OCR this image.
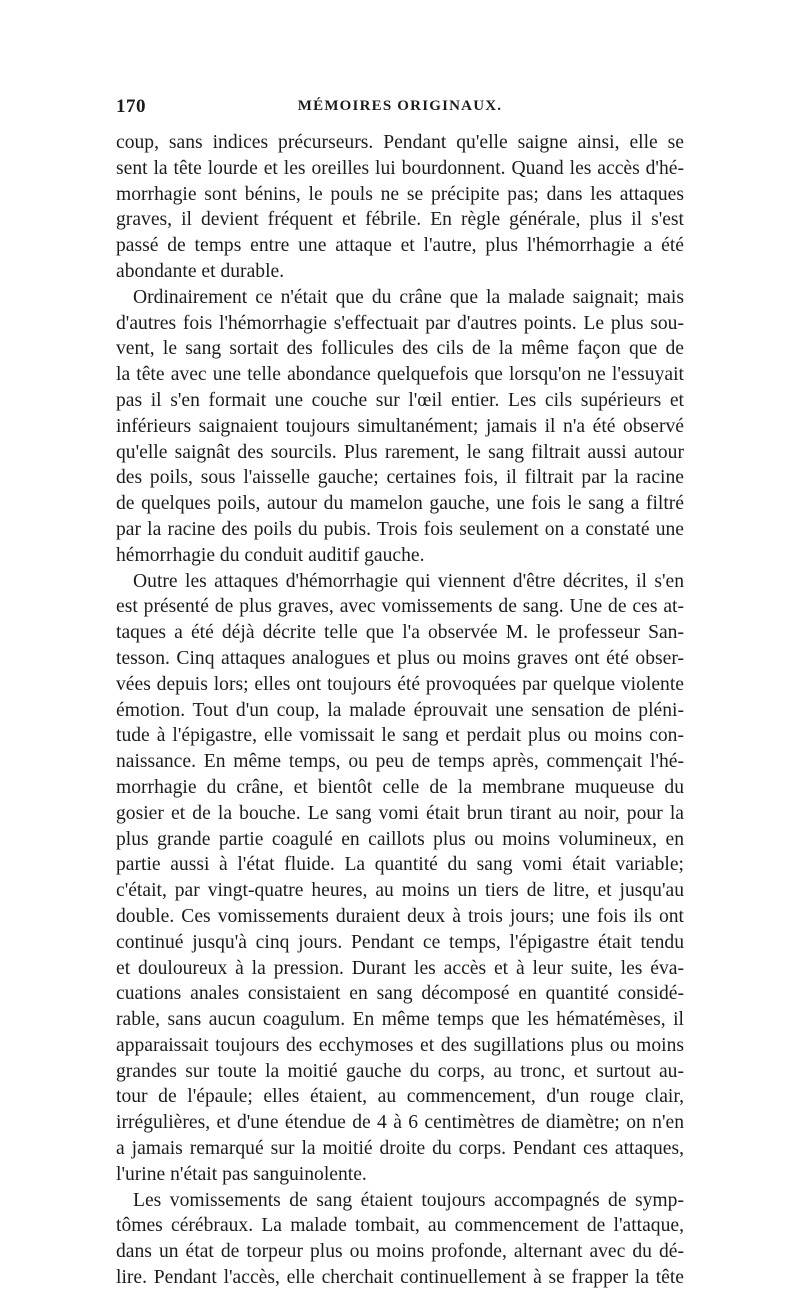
170	MÉMOIRES ORIGINAUX.
coup, sans indices précurseurs. Pendant qu'elle saigne ainsi, elle se
sent la tête lourde et les oreilles lui bourdonnent. Quand les accès d'hé-
morrhagie sont bénins, le pouls ne se précipite pas; dans les attaques
graves, il devient fréquent et fébrile. En règle générale, plus il s'est
passé de temps entre une attaque et l'autre, plus l'hémorrhagie a été
abondante et durable.
Ordinairement ce n'était que du crâne que la malade saignait; mais
d'autres fois l'hémorrhagie s'effectuait par d'autres points. Le plus sou-
vent, le sang sortait des follicules des cils de la même façon que de
la tête avec une telle abondance quelquefois que lorsqu'on ne l'essuyait
pas il s'en formait une couche sur l'œil entier. Les cils supérieurs et
inférieurs saignaient toujours simultanément; jamais il n'a été observé
qu'elle saignât des sourcils. Plus rarement, le sang filtrait aussi autour
des poils, sous l'aisselle gauche; certaines fois, il filtrait par la racine
de quelques poils, autour du mamelon gauche, une fois le sang a filtré
par la racine des poils du pubis. Trois fois seulement on a constaté une
hémorrhagie du conduit auditif gauche.
Outre les attaques d'hémorrhagie qui viennent d'être décrites, il s'en
est présenté de plus graves, avec vomissements de sang. Une de ces at-
taques a été déjà décrite telle que l'a observée M. le professeur San-
tesson. Cinq attaques analogues et plus ou moins graves ont été obser-
vées depuis lors; elles ont toujours été provoquées par quelque violente
émotion. Tout d'un coup, la malade éprouvait une sensation de pléni-
tude à l'épigastre, elle vomissait le sang et perdait plus ou moins con-
naissance. En même temps, ou peu de temps après, commençait l'hé-
morrhagie du crâne, et bientôt celle de la membrane muqueuse du
gosier et de la bouche. Le sang vomi était brun tirant au noir, pour la
plus grande partie coagulé en caillots plus ou moins volumineux, en
partie aussi à l'état fluide. La quantité du sang vomi était variable;
c'était, par vingt-quatre heures, au moins un tiers de litre, et jusqu'au
double. Ces vomissements duraient deux à trois jours; une fois ils ont
continué jusqu'à cinq jours. Pendant ce temps, l'épigastre était tendu
et douloureux à la pression. Durant les accès et à leur suite, les éva-
cuations anales consistaient en sang décomposé en quantité considé-
rable, sans aucun coagulum. En même temps que les hématémèses, il
apparaissait toujours des ecchymoses et des sugillations plus ou moins
grandes sur toute la moitié gauche du corps, au tronc, et surtout au-
tour de l'épaule; elles étaient, au commencement, d'un rouge clair,
irrégulières, et d'une étendue de 4 à 6 centimètres de diamètre; on n'en
a jamais remarqué sur la moitié droite du corps. Pendant ces attaques,
l'urine n'était pas sanguinolente.
Les vomissements de sang étaient toujours accompagnés de symp-
tômes cérébraux. La malade tombait, au commencement de l'attaque,
dans un état de torpeur plus ou moins profonde, alternant avec du dé-
lire. Pendant l'accès, elle cherchait continuellement à se frapper la tête
